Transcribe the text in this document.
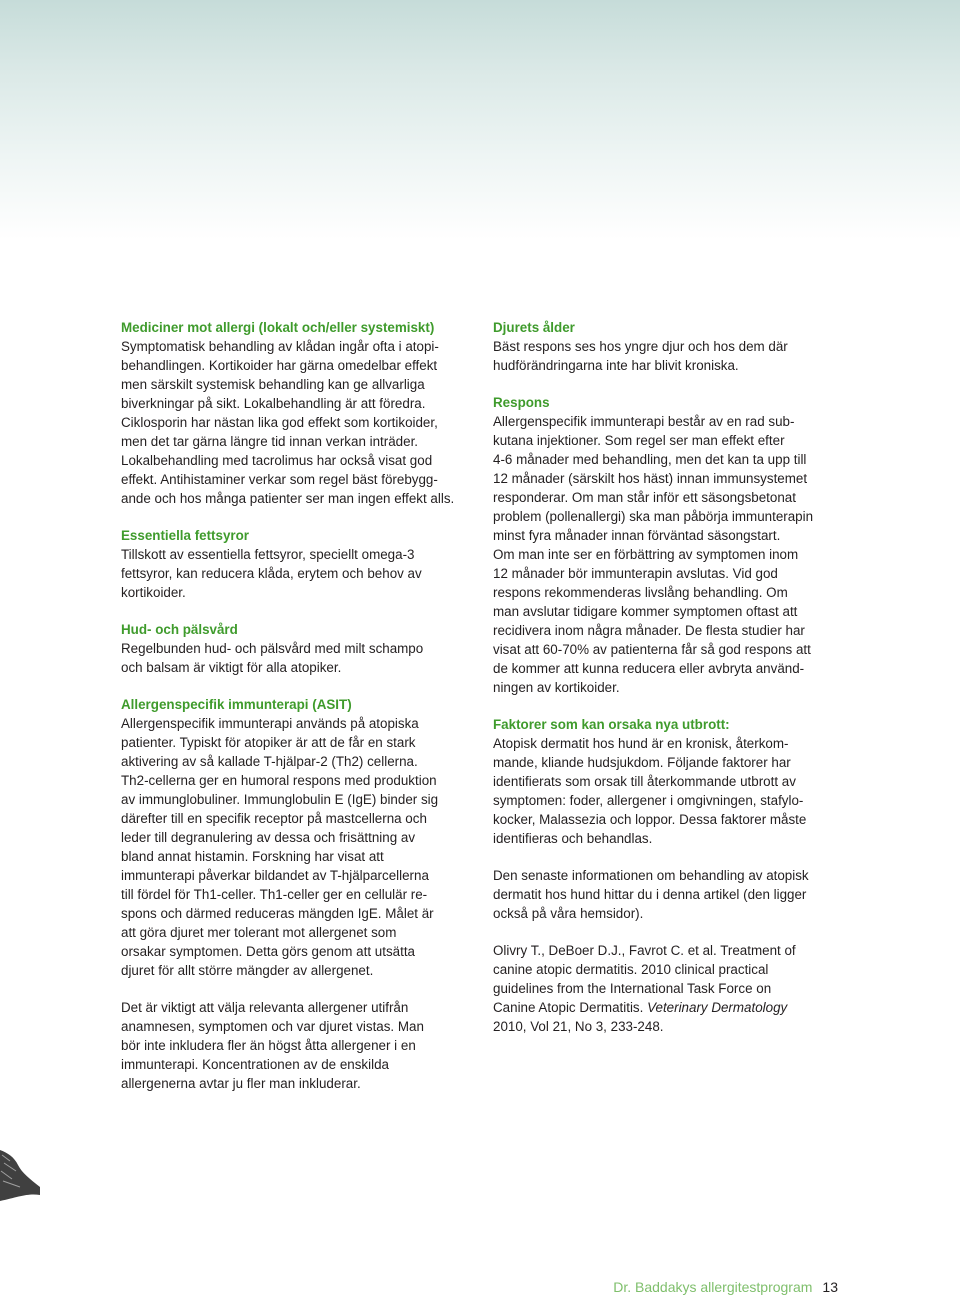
Mediciner mot allergi (lokalt och/eller systemiskt)

Symptomatisk behandling av klådan ingår ofta i atopi-
behandlingen. Kortikoider har gärna omedelbar effekt
men särskilt systemisk behandling kan ge allvarliga
biverkningar på sikt. Lokalbehandling är att föredra.
Ciklosporin har nästan lika god effekt som kortikoider,
men det tar gärna längre tid innan verkan inträder.
Lokalbehandling med tacrolimus har också visat god
effekt. Antihistaminer verkar som regel bäst förebygg-
ande och hos många patienter ser man ingen effekt alls.

Essentiella fettsyror

Tillskott av essentiella fettsyror, speciellt omega-3
fettsyror, kan reducera klåda, erytem och behov av
kortikoider.

Hud- och pälsvård

Regelbunden hud- och pälsvård med milt schampo
och balsam är viktigt för alla atopiker.

Allergenspecifik immunterapi (ASIT)

Allergenspecifik immunterapi används på atopiska
patienter. Typiskt för atopiker är att de får en stark
aktivering av så kallade T-hjälpar-2 (Th2) cellerna.
Th2-cellerna ger en humoral respons med produktion
av immunglobuliner. Immunglobulin E (IgE) binder sig
därefter till en specifik receptor på mastcellerna och
leder till degranulering av dessa och frisättning av
bland annat histamin. Forskning har visat att
immunterapi påverkar bildandet av T-hjälparcellerna
till fördel för Th1-celler. Th1-celler ger en cellulär re-
spons och därmed reduceras mängden IgE. Målet är
att göra djuret mer tolerant mot allergenet som
orsakar symptomen. Detta görs genom att utsätta
djuret för allt större mängder av allergenet.

Det är viktigt att välja relevanta allergener utifrån
anamnesen, symptomen och var djuret vistas. Man
bör inte inkludera fler än högst åtta allergener i en
immunterapi. Koncentrationen av de enskilda
allergenerna avtar ju fler man inkluderar.

Djurets ålder

Bäst respons ses hos yngre djur och hos dem där
hudförändringarna inte har blivit kroniska.

Respons

Allergenspecifik immunterapi består av en rad sub-
kutana injektioner. Som regel ser man effekt efter
4-6 månader med behandling, men det kan ta upp till
12 månader (särskilt hos häst) innan immunsystemet
responderar. Om man står inför ett säsongsbetonat
problem (pollenallergi) ska man påbörja immunterapin
minst fyra månader innan förväntad säsongstart.
Om man inte ser en förbättring av symptomen inom
12 månader bör immunterapin avslutas. Vid god
respons rekommenderas livslång behandling. Om
man avslutar tidigare kommer symptomen oftast att
recidivera inom några månader. De flesta studier har
visat att 60-70% av patienterna får så god respons att
de kommer att kunna reducera eller avbryta använd-
ningen av kortikoider.

Faktorer som kan orsaka nya utbrott:

Atopisk dermatit hos hund är en kronisk, återkom-
mande, kliande hudsjukdom. Följande faktorer har
identifierats som orsak till återkommande utbrott av
symptomen: foder, allergener i omgivningen, stafylo-
kocker, Malassezia och loppor. Dessa faktorer måste
identifieras och behandlas.

Den senaste informationen om behandling av atopisk
dermatit hos hund hittar du i denna artikel (den ligger
också på våra hemsidor).

Olivry T., DeBoer D.J., Favrot C. et al. Treatment of
canine atopic dermatitis. 2010 clinical practical
guidelines from the International Task Force on
Canine Atopic Dermatitis. Veterinary Dermatology
2010, Vol 21, No 3, 233-248.

Dr. Baddakys allergitestprogram 13
